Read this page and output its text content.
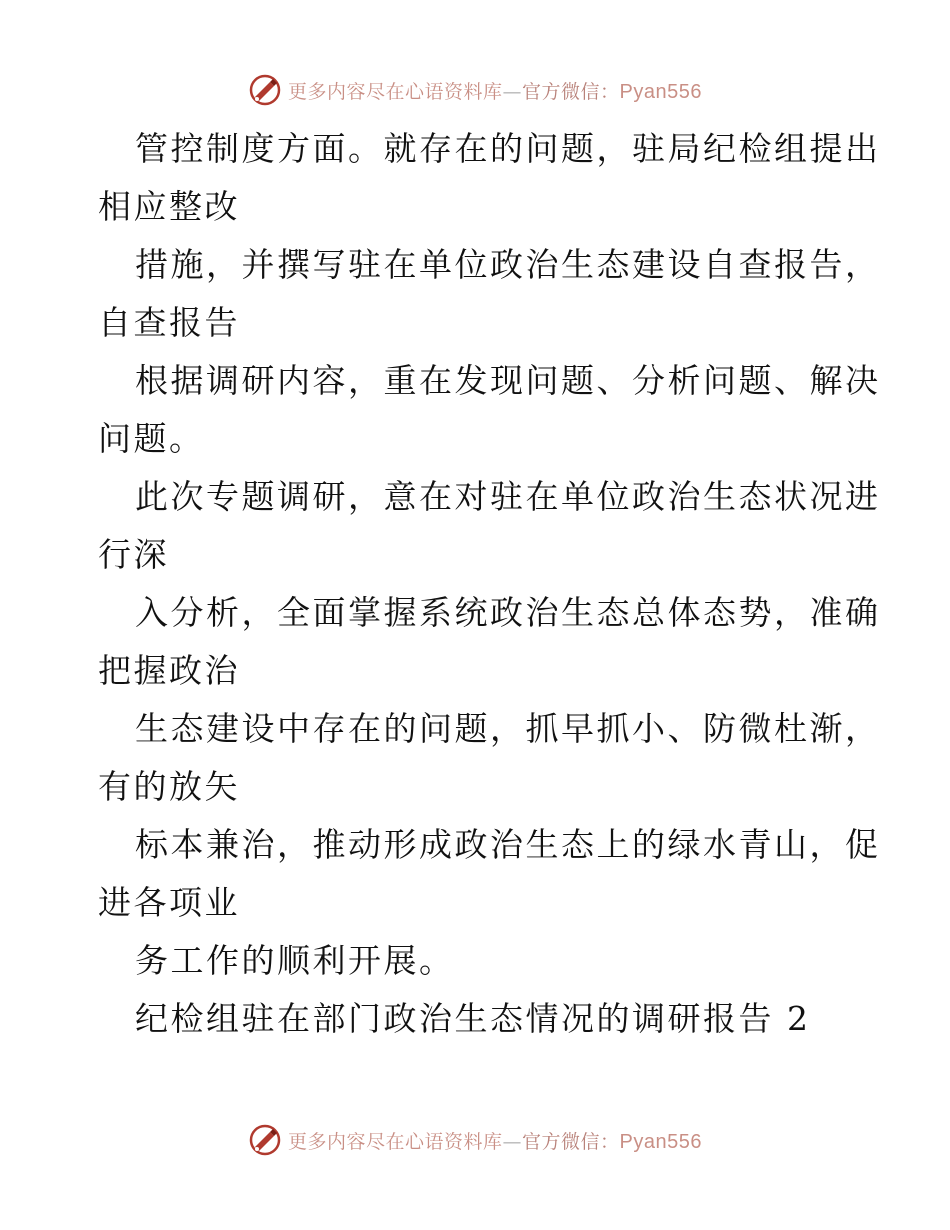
更多内容尽在心语资料库—官方微信：Pyan556
管控制度方面。就存在的问题，驻局纪检组提出
相应整改
措施，并撰写驻在单位政治生态建设自查报告，
自查报告
根据调研内容，重在发现问题、分析问题、解决
问题。
此次专题调研，意在对驻在单位政治生态状况进
行深
入分析，全面掌握系统政治生态总体态势，准确
把握政治
生态建设中存在的问题，抓早抓小、防微杜渐，
有的放矢
标本兼治，推动形成政治生态上的绿水青山，促
进各项业
务工作的顺利开展。
纪检组驻在部门政治生态情况的调研报告 2
更多内容尽在心语资料库—官方微信：Pyan556
